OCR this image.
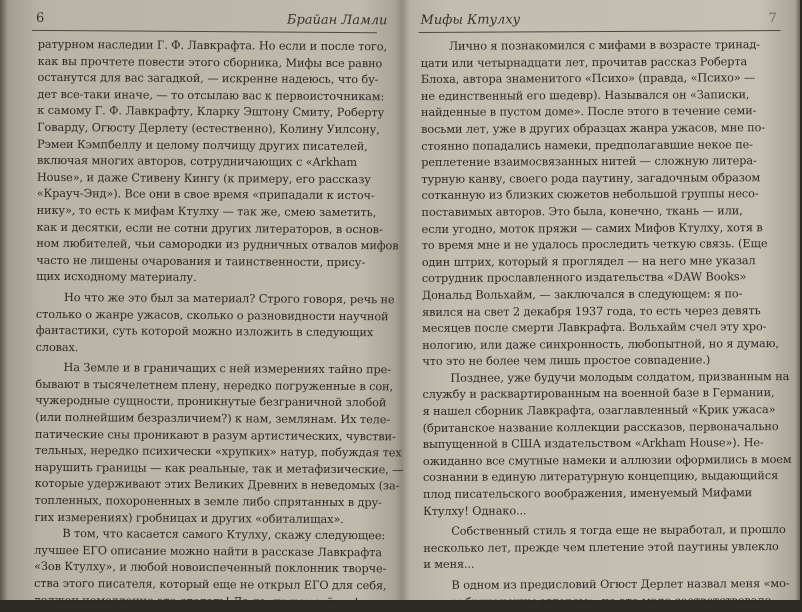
6	Брайан Ламли
ратурном наследии Г. Ф. Лавкрафта. Но если и после того,
как вы прочтете повести этого сборника, Мифы все равно
останутся для вас загадкой, — искренне надеюсь, что бу-
дет все-таки иначе, — то отсылаю вас к первоисточникам:
к самому Г. Ф. Лавкрафту, Кларку Эштону Смиту, Роберту
Говарду, Огюсту Дерлету (естественно), Колину Уилсону,
Рэмеи Кэмпбеллу и целому полчищу других писателей,
включая многих авторов, сотрудничающих с «Arkham
House», и даже Стивену Кингу (к примеру, его рассказу
«Крауч-Энд»). Все они в свое время «припадали к источ-
нику», то есть к мифам Ктулху — так же, смею заметить,
как и десятки, если не сотни других литераторов, в основ-
ном любителей, чьи самородки из рудничных отвалов мифов
часто не лишены очарования и таинственности, прису-
щих исходному материалу.
Но что же это был за материал? Строго говоря, речь не
столько о жанре ужасов, сколько о разновидности научной
фантастики, суть которой можно изложить в следующих
словах.
На Земле и в граничащих с ней измерениях тайно пре-
бывают в тысячелетнем плену, нередко погруженные в сон,
чужеродные сущности, проникнутые безграничной злобой
(или полнейшим безразличием?) к нам, землянам. Их теле-
патические сны проникают в разум артистических, чувстви-
тельных, нередко психически «хрупких» натур, побуждая тех
нарушить границы — как реальные, так и метафизические, —
которые удерживают этих Великих Древних в неведомых (за-
топленных, похороненных в земле либо спрятанных в дру-
гих измерениях) гробницах и других «обиталищах».
В том, что касается самого Ктулху, скажу следующее:
лучшее ЕГО описание можно найти в рассказе Лавкрафта
«Зов Ктулху», и любой новоиспеченный поклонник творче-
ства этого писателя, который еще не открыл ЕГО для себя,
должен немедленно это сделать! Да-да, прямо сейчас!
Мифы Ктулху	7
Лично я познакомился с мифами в возрасте тринад-
цати или четырнадцати лет, прочитав рассказ Роберта
Блоха, автора знаменитого «Психо» (правда, «Психо» —
не единственный его шедевр). Назывался он «Записки,
найденные в пустом доме». После этого в течение семи-
восьми лет, уже в других образцах жанра ужасов, мне по-
стоянно попадались намеки, предполагавшие некое пе-
реплетение взаимосвязанных нитей — сложную литера-
турную канву, своего рода паутину, загадочным образом
сотканную из близких сюжетов небольшой группы несо-
поставимых авторов. Это была, конечно, ткань — или,
если угодно, моток пряжи — самих Мифов Ктулху, хотя в
то время мне и не удалось проследить четкую связь. (Еще
один штрих, который я проглядел — на него мне указал
сотрудник прославленного издательства «DAW Books»
Дональд Вольхайм, — заключался в следующем: я по-
явился на свет 2 декабря 1937 года, то есть через девять
месяцев после смерти Лавкрафта. Вольхайм счел эту хро-
нологию, или даже синхронность, любопытной, но я думаю,
что это не более чем лишь простое совпадение.)
Позднее, уже будучи молодым солдатом, призванным на
службу и расквартированным на военной базе в Германии,
я нашел сборник Лавкрафта, озаглавленный «Крик ужаса»
(британское название коллекции рассказов, первоначально
выпущенной в США издательством «Arkham House»). Не-
ожиданно все смутные намеки и аллюзии оформились в моем
сознании в единую литературную концепцию, выдающийся
плод писательского воображения, именуемый Мифами
Ктулху! Однако...
Собственный стиль я тогда еще не выработал, и прошло
несколько лет, прежде чем плетение этой паутины увлекло
и меня...
В одном из предисловий Огюст Дерлет назвал меня «мо-
лодым британским автором», но это мало соответствовало
